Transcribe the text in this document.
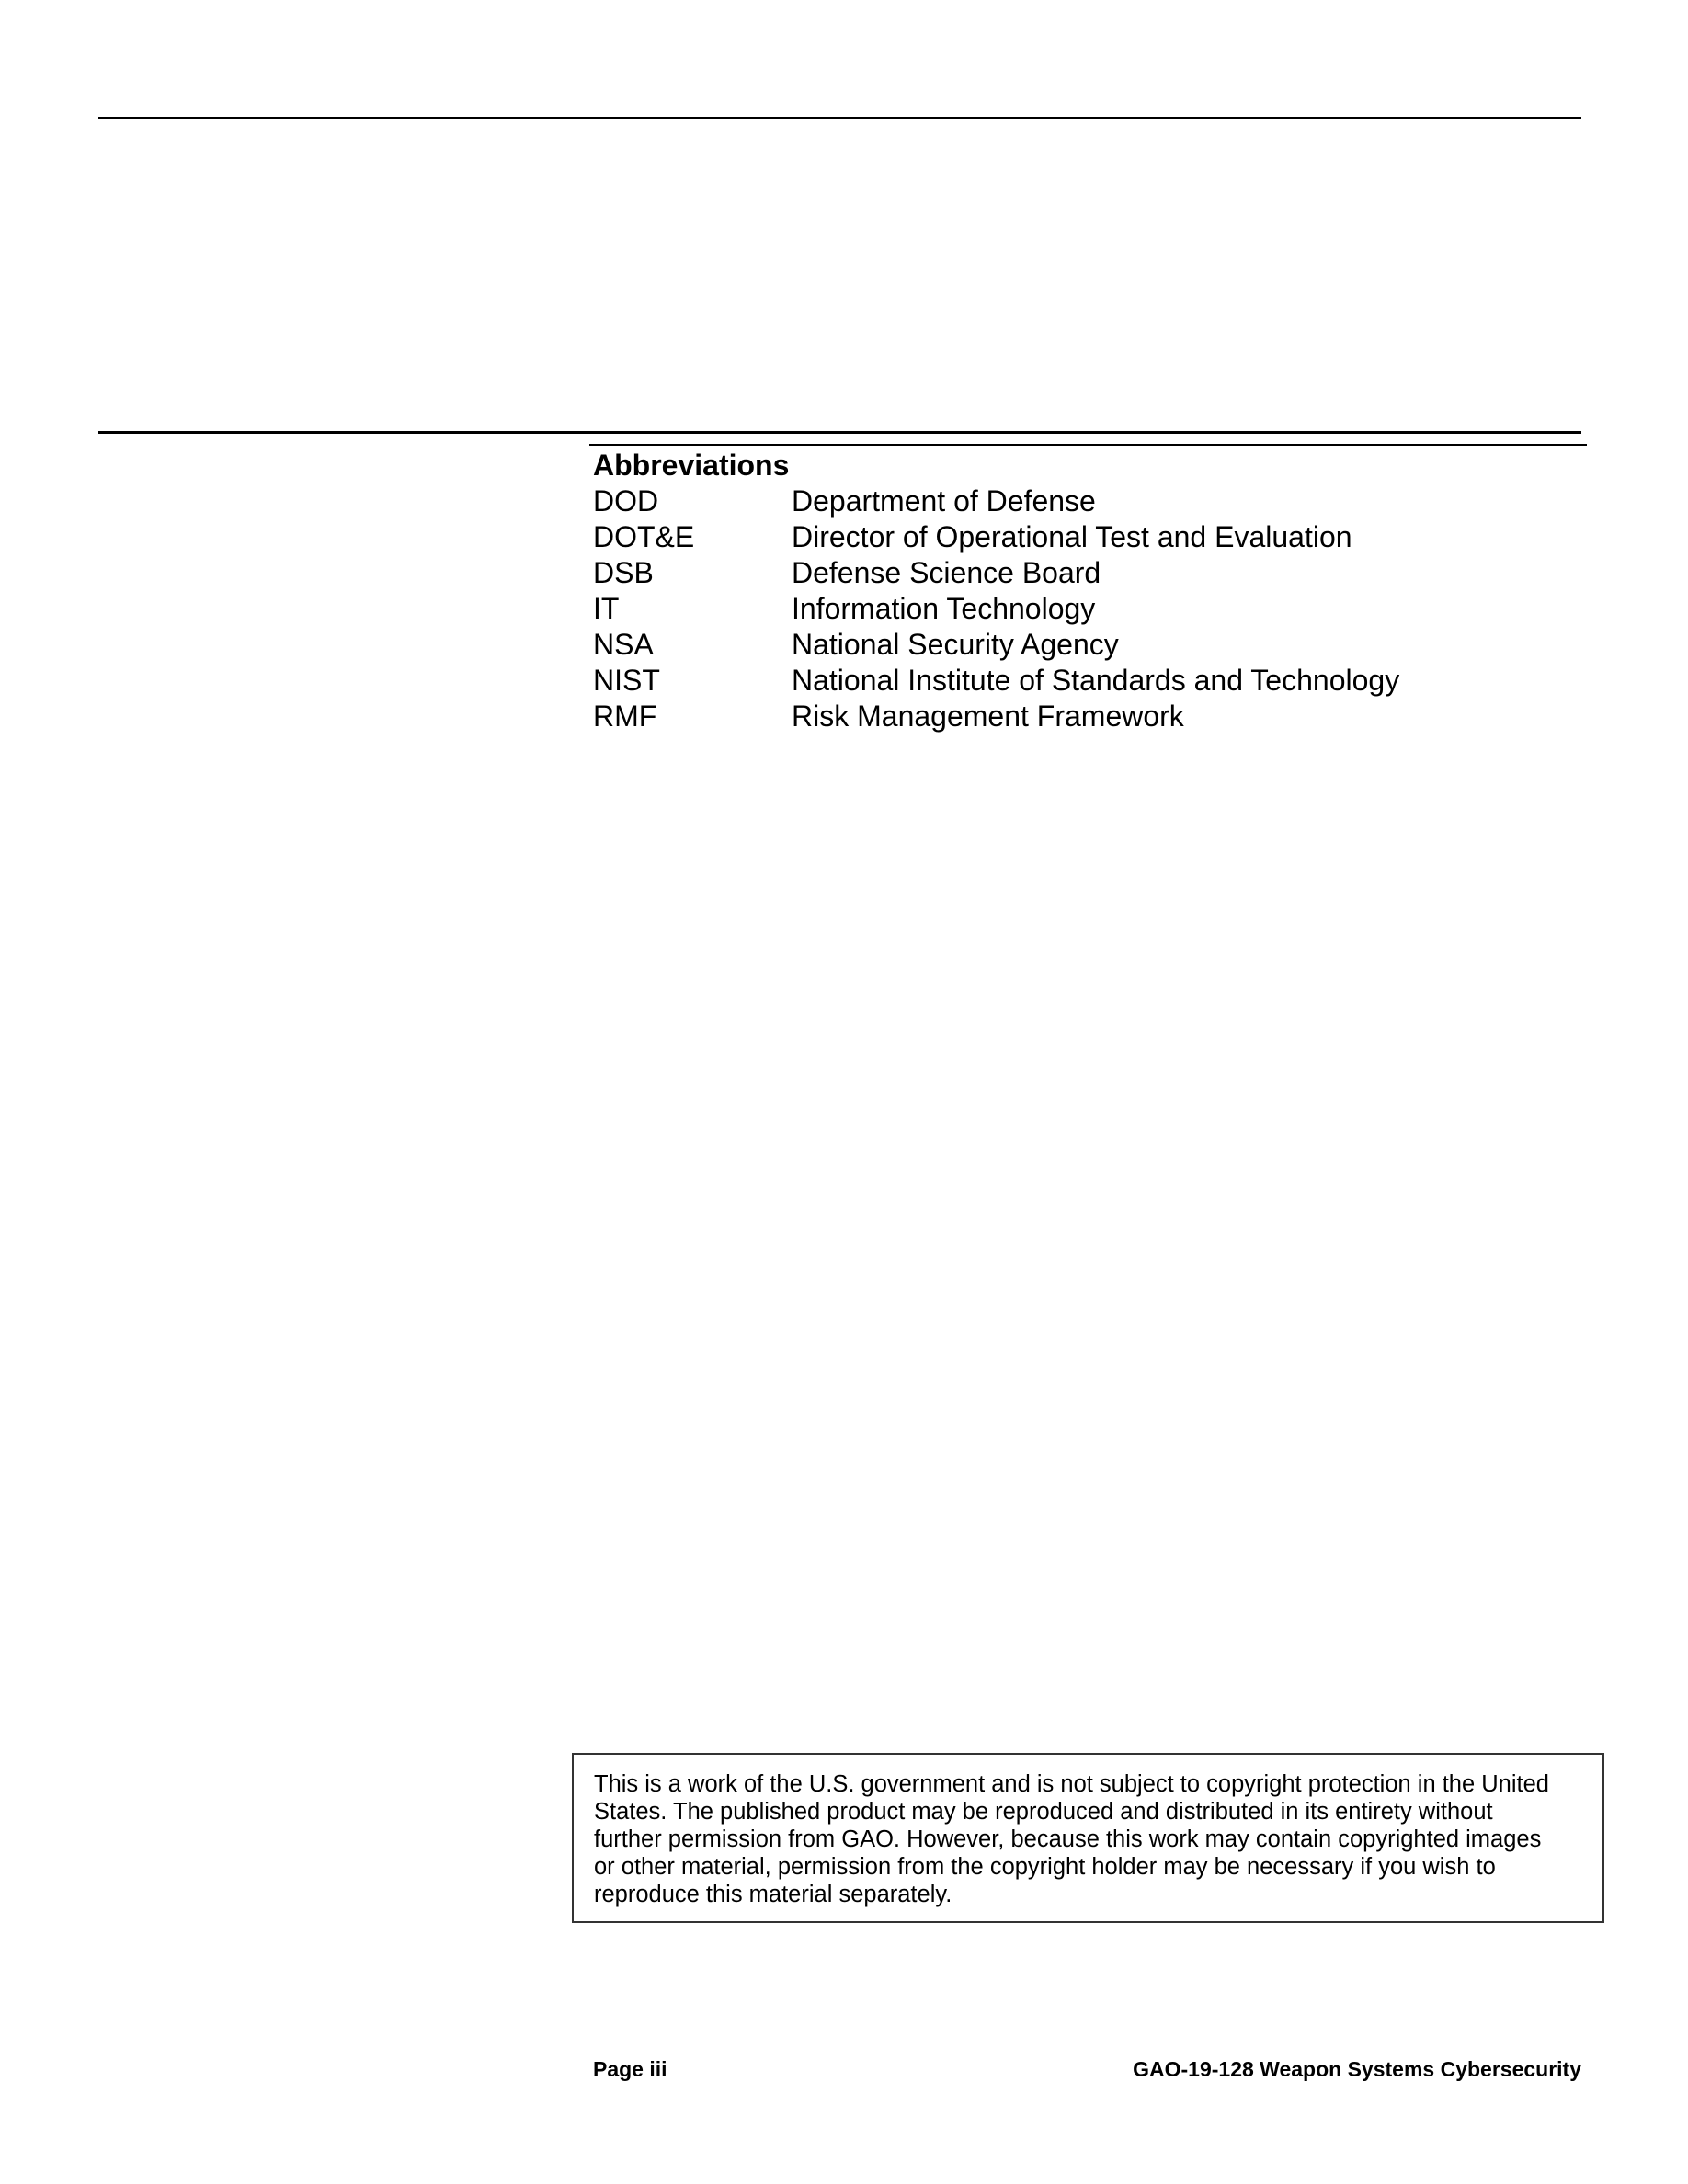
Abbreviations
DOD	Department of Defense
DOT&E	Director of Operational Test and Evaluation
DSB	Defense Science Board
IT	Information Technology
NSA	National Security Agency
NIST	National Institute of Standards and Technology
RMF	Risk Management Framework
This is a work of the U.S. government and is not subject to copyright protection in the United States. The published product may be reproduced and distributed in its entirety without further permission from GAO. However, because this work may contain copyrighted images or other material, permission from the copyright holder may be necessary if you wish to reproduce this material separately.
Page iii	GAO-19-128 Weapon Systems Cybersecurity
